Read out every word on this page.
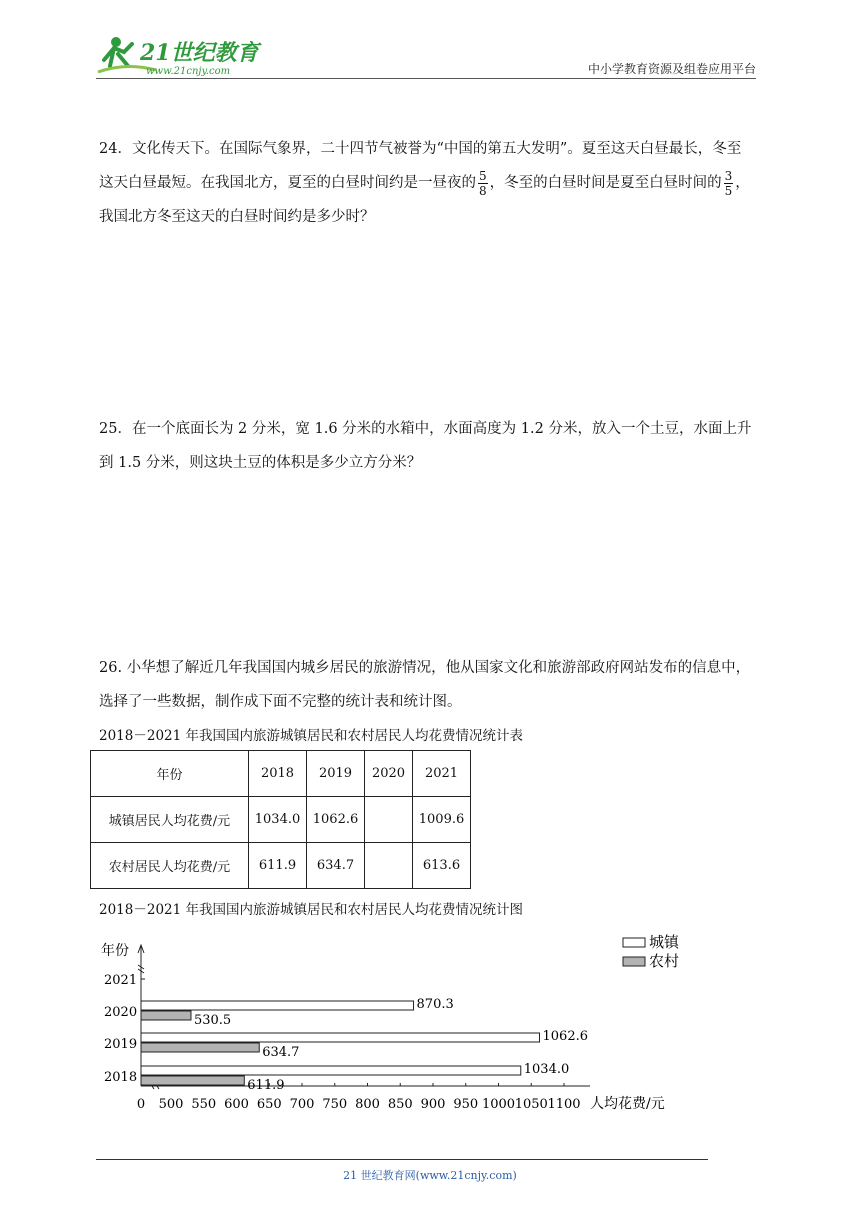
21世纪教育
www.21cnjy.com	中小学教育资源及组卷应用平台
24．文化传天下。在国际气象界，二十四节气被誉为“中国的第五大发明”。夏至这天白昼最长，冬至
这天白昼最短。在我国北方，夏至的白昼时间约是一昼夜的 $\frac{5}{8}$ ，冬至的白昼时间是夏至白昼时间的 $\frac{3}{5}$ ，
我国北方冬至这天的白昼时间约是多少时？
25．在一个底面长为 2 分米，宽 1.6 分米的水箱中，水面高度为 1.2 分米，放入一个土豆，水面上升
到 1.5 分米，则这块土豆的体积是多少立方分米？
26. 小华想了解近几年我国国内城乡居民的旅游情况，他从国家文化和旅游部政府网站发布的信息中，
选择了一些数据，制作成下面不完整的统计表和统计图。
2018－2021 年我国国内旅游城镇居民和农村居民人均花费情况统计表
年份	2018	2019	2020	2021
城镇居民人均花费/元	1034.0	1062.6		1009.6
农村居民人均花费/元	611.9	634.7		613.6
2018－2021 年我国国内旅游城镇居民和农村居民人均花费情况统计图
年份
2018
2019
2020
2021
0 500 550 600 650 700 750 800 850 900 950 1000 1050 1100 人均花费/元
1034.0
611.9
1062.6
634.7
870.3
530.5
城镇
农村
21 世纪教育网(www.21cnjy.com)
